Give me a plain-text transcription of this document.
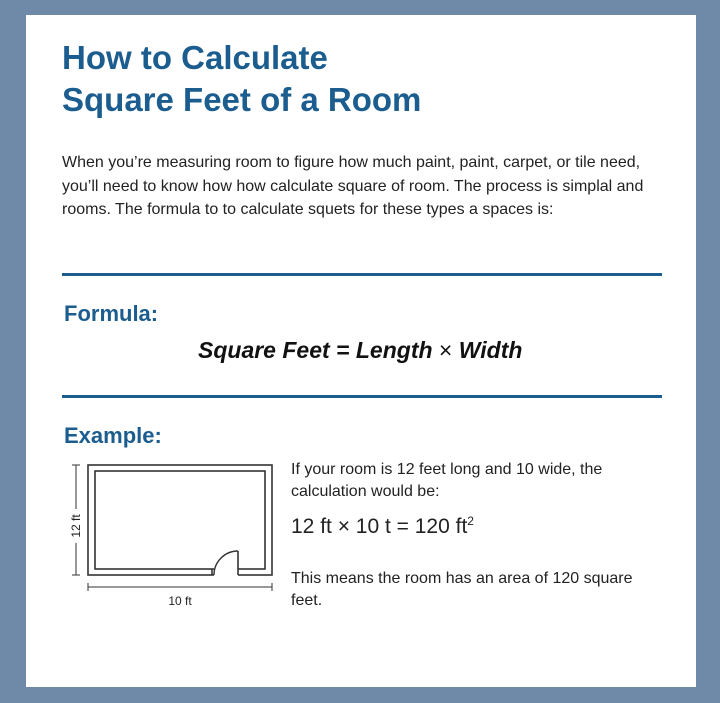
How to Calculate
Square Feet of a Room

When you’re measuring room to figure how much paint, paint, carpet, or tile need, you’ll need to know how how calculate square of room. The process is simplal and rooms. The formula to to calculate squets for these types a spaces is:

Formula:
Square Feet = Length × Width
Example:
12 ft
10 ft

If your room is 12 feet long and 10 wide, the calculation would be:

12 ft × 10 t = 120 $ft^2$

This means the room has an area of 120 square feet.
